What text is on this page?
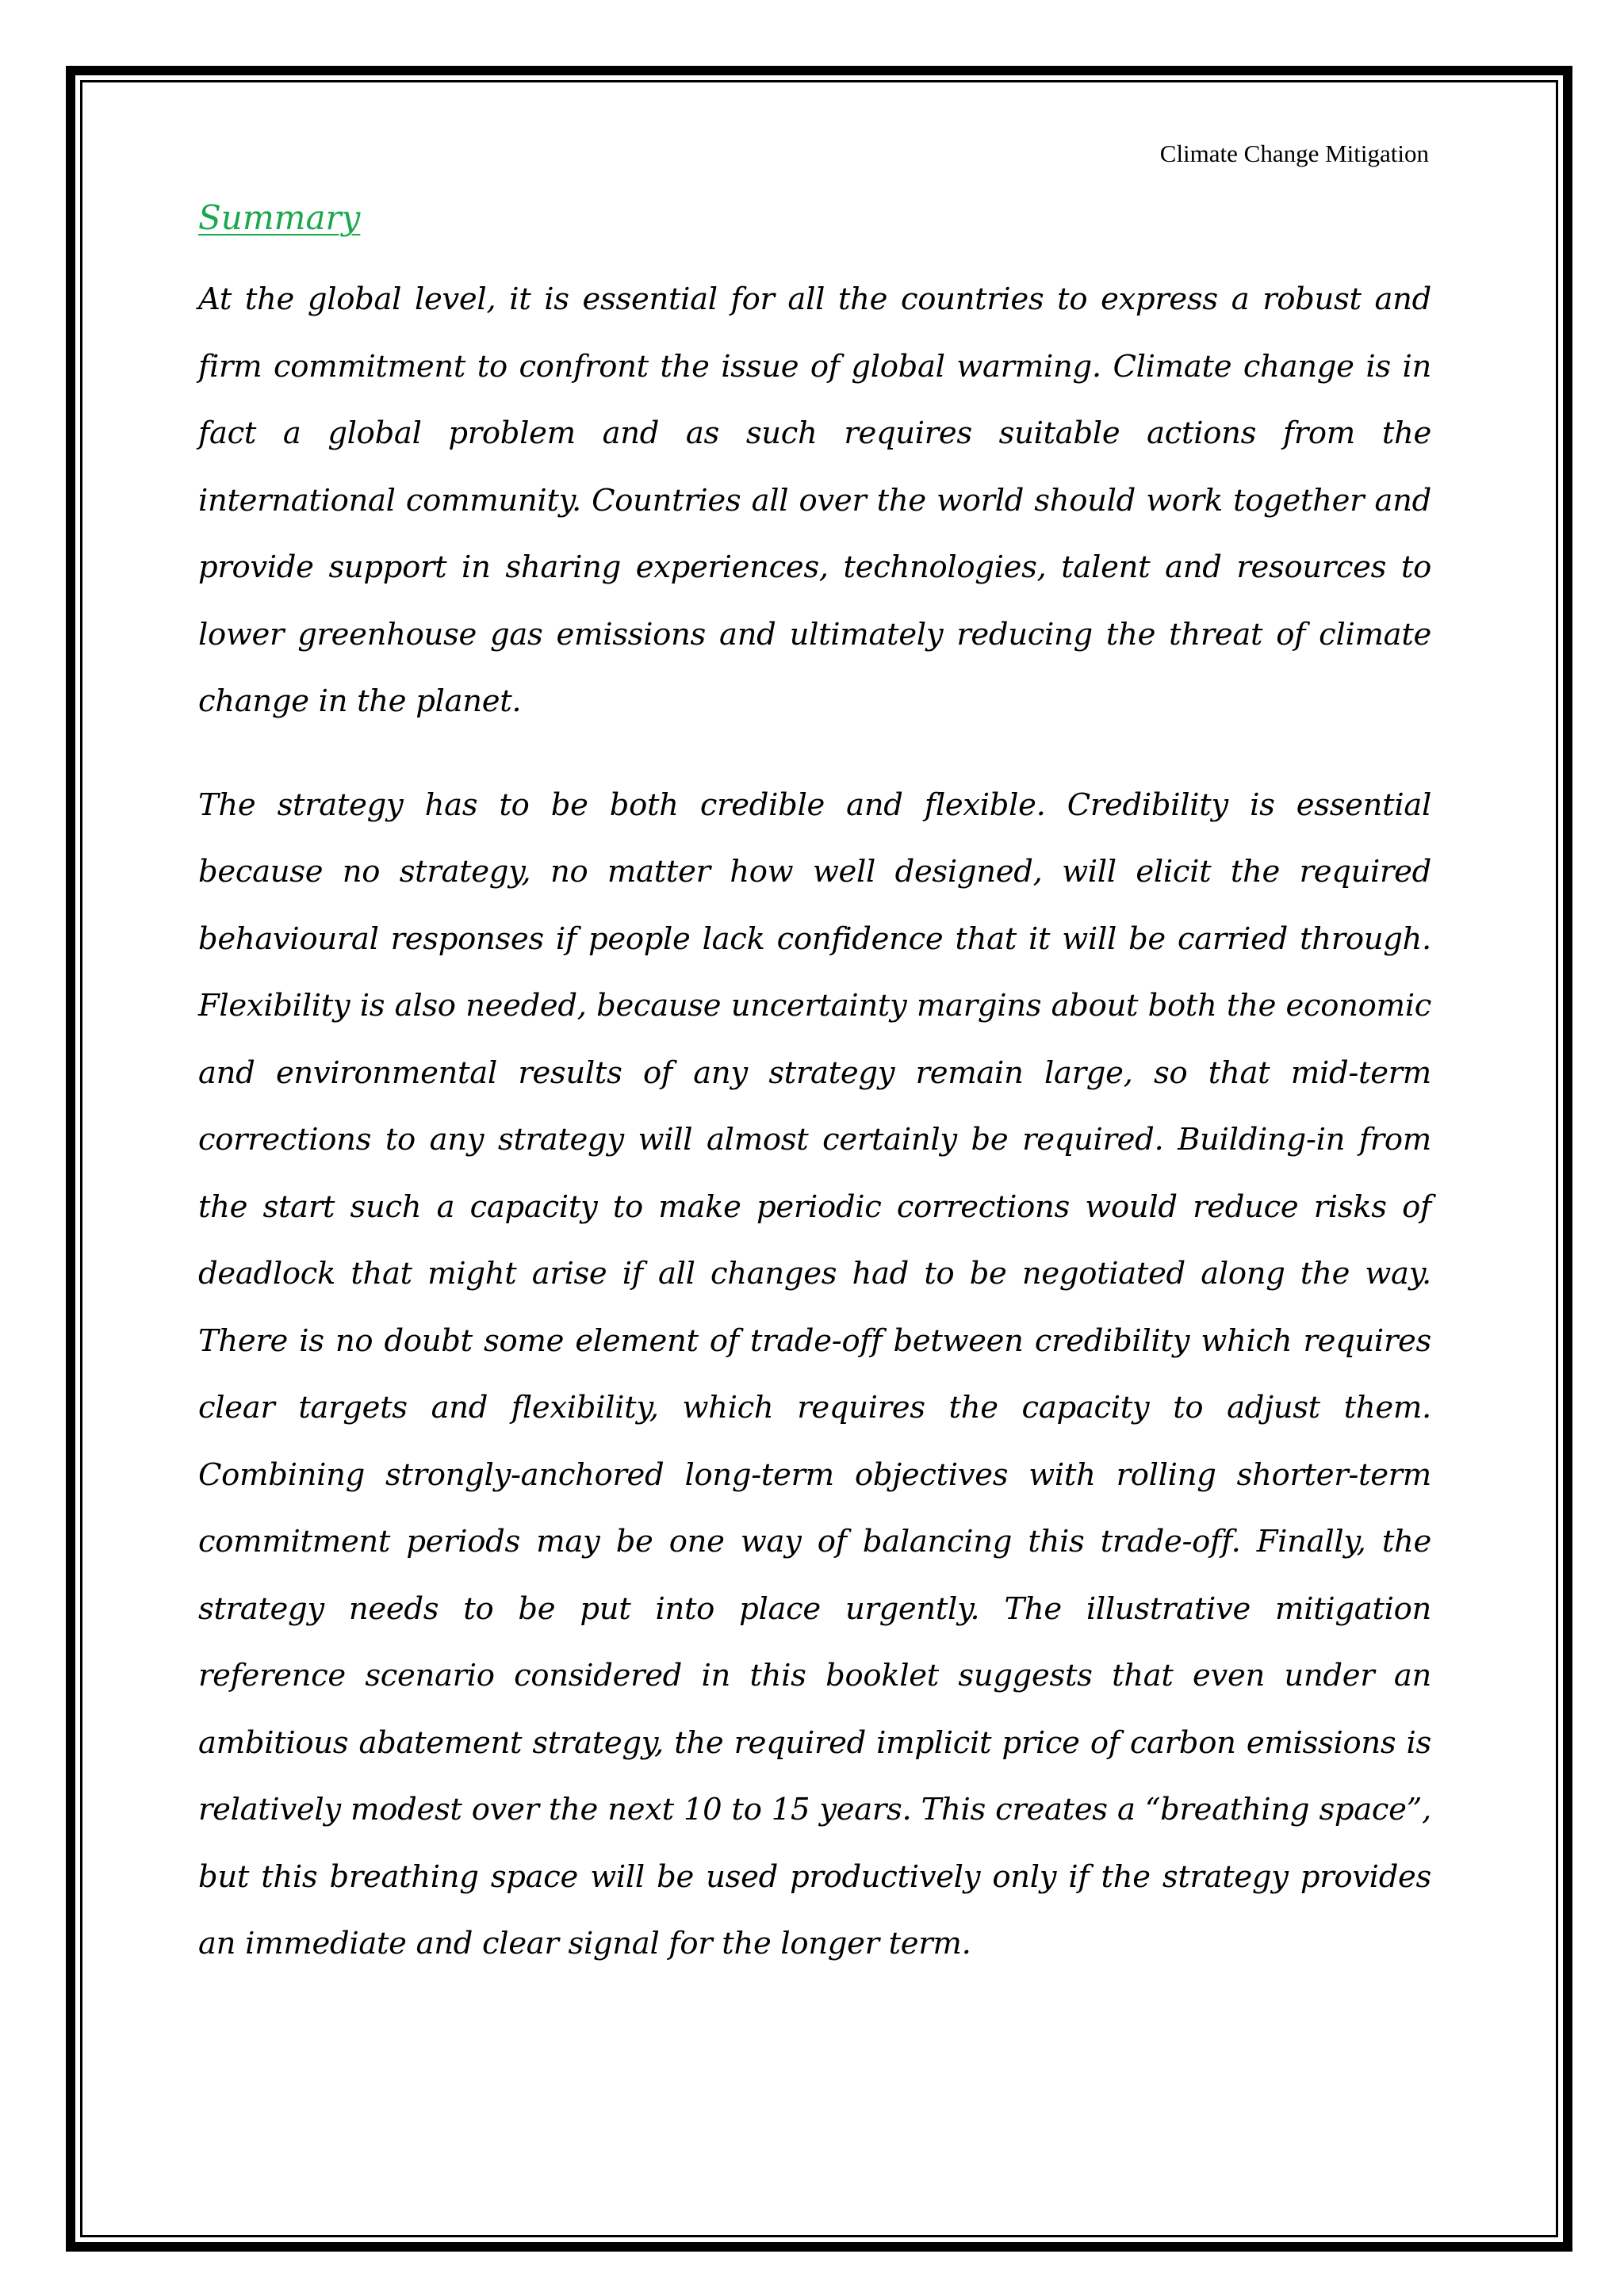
Climate Change Mitigation
Summary

At the global level, it is essential for all the countries to express a robust and firm commitment to confront the issue of global warming. Climate change is in fact a global problem and as such requires suitable actions from the international community. Countries all over the world should work together and provide support in sharing experiences, technologies, talent and resources to lower greenhouse gas emissions and ultimately reducing the threat of climate change in the planet.

The strategy has to be both credible and flexible. Credibility is essential because no strategy, no matter how well designed, will elicit the required behavioural responses if people lack confidence that it will be carried through. Flexibility is also needed, because uncertainty margins about both the economic and environmental results of any strategy remain large, so that mid-term corrections to any strategy will almost certainly be required. Building-in from the start such a capacity to make periodic corrections would reduce risks of deadlock that might arise if all changes had to be negotiated along the way. There is no doubt some element of trade-off between credibility which requires clear targets and flexibility, which requires the capacity to adjust them. Combining strongly-anchored long-term objectives with rolling shorter-term commitment periods may be one way of balancing this trade-off. Finally, the strategy needs to be put into place urgently. The illustrative mitigation reference scenario considered in this booklet suggests that even under an ambitious abatement strategy, the required implicit price of carbon emissions is relatively modest over the next 10 to 15 years. This creates a “breathing space”, but this breathing space will be used productively only if the strategy provides an immediate and clear signal for the longer term.
